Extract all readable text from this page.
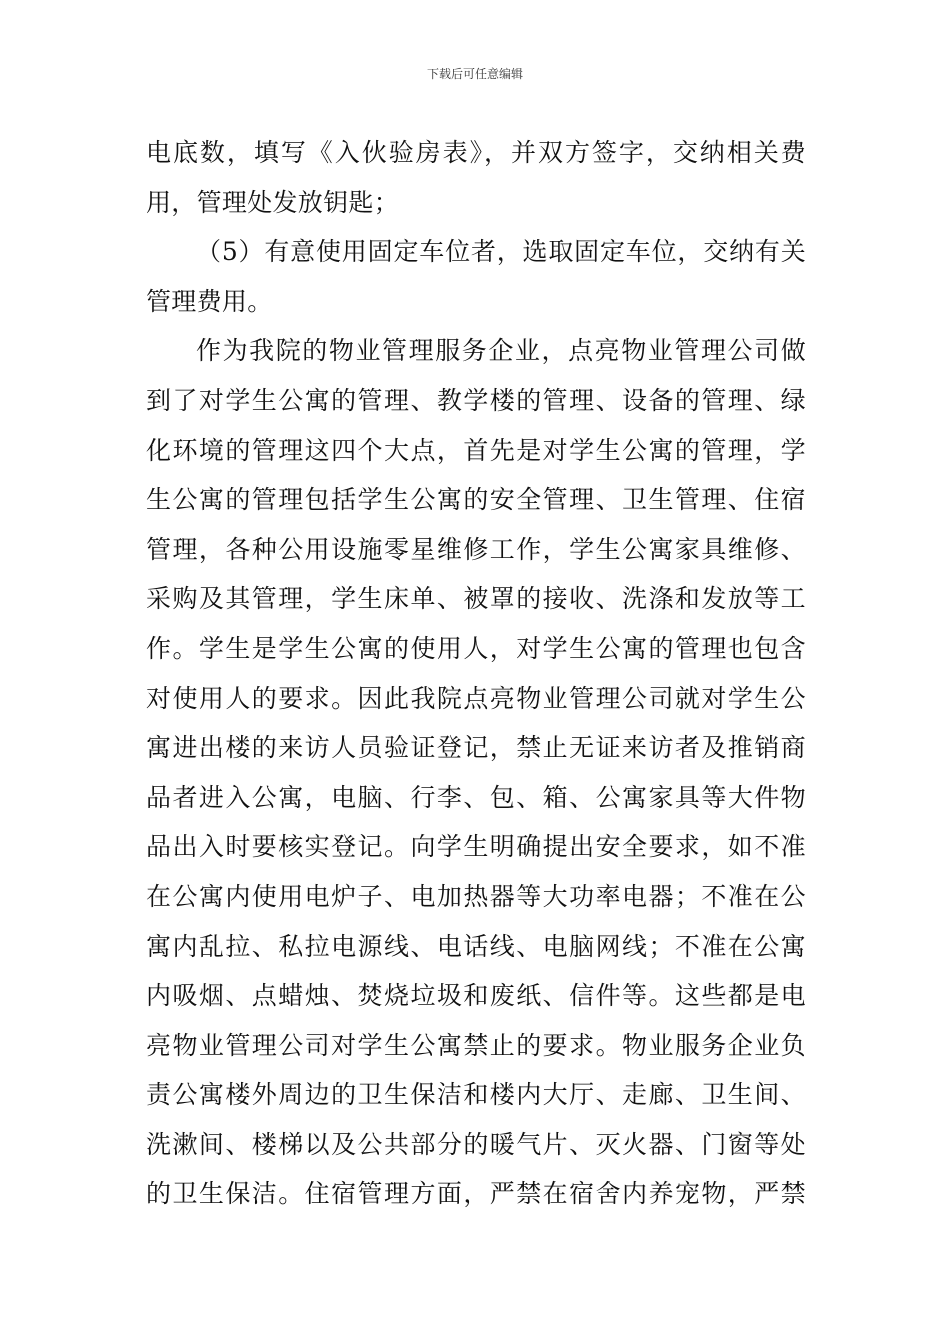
下载后可任意编辑
电底数，填写《入伙验房表》，并双方签字，交纳相关费
用，管理处发放钥匙；
（5）有意使用固定车位者，选取固定车位，交纳有关
管理费用。
作为我院的物业管理服务企业，点亮物业管理公司做
到了对学生公寓的管理、教学楼的管理、设备的管理、绿
化环境的管理这四个大点，首先是对学生公寓的管理，学
生公寓的管理包括学生公寓的安全管理、卫生管理、住宿
管理，各种公用设施零星维修工作，学生公寓家具维修、
采购及其管理，学生床单、被罩的接收、洗涤和发放等工
作。学生是学生公寓的使用人，对学生公寓的管理也包含
对使用人的要求。因此我院点亮物业管理公司就对学生公
寓进出楼的来访人员验证登记，禁止无证来访者及推销商
品者进入公寓，电脑、行李、包、箱、公寓家具等大件物
品出入时要核实登记。向学生明确提出安全要求，如不准
在公寓内使用电炉子、电加热器等大功率电器；不准在公
寓内乱拉、私拉电源线、电话线、电脑网线；不准在公寓
内吸烟、点蜡烛、焚烧垃圾和废纸、信件等。这些都是电
亮物业管理公司对学生公寓禁止的要求。物业服务企业负
责公寓楼外周边的卫生保洁和楼内大厅、走廊、卫生间、
洗漱间、楼梯以及公共部分的暖气片、灭火器、门窗等处
的卫生保洁。住宿管理方面，严禁在宿舍内养宠物，严禁
